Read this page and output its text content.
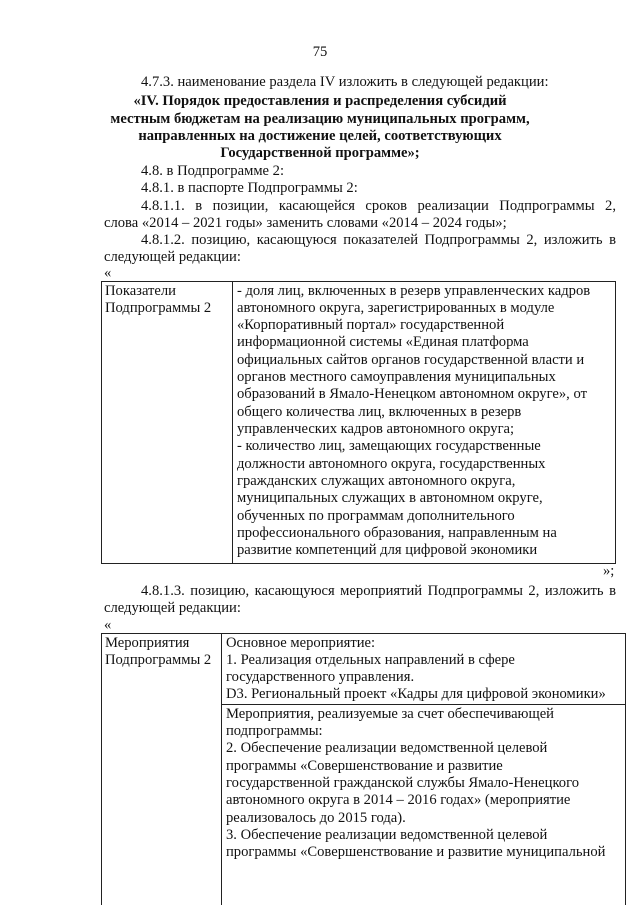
75
4.7.3. наименование раздела IV изложить в следующей редакции:
«IV. Порядок предоставления и распределения субсидий
местным бюджетам на реализацию муниципальных программ,
направленных на достижение целей, соответствующих
Государственной программе»;
4.8. в Подпрограмме 2:
4.8.1. в паспорте Подпрограммы 2:
4.8.1.1. в позиции, касающейся сроков реализации Подпрограммы 2,
слова «2014 – 2021 годы» заменить словами «2014 – 2024 годы»;
4.8.1.2. позицию, касающуюся показателей Подпрограммы 2, изложить в
следующей редакции:
«
Показатели
Подпрограммы 2
- доля лиц, включенных в резерв управленческих кадров
автономного округа, зарегистрированных в модуле
«Корпоративный портал» государственной
информационной системы «Единая платформа
официальных сайтов органов государственной власти и
органов местного самоуправления муниципальных
образований в Ямало-Ненецком автономном округе», от
общего количества лиц, включенных в резерв
управленческих кадров автономного округа;
- количество лиц, замещающих государственные
должности автономного округа, государственных
гражданских служащих автономного округа,
муниципальных служащих в автономном округе,
обученных по программам дополнительного
профессионального образования, направленным на
развитие компетенций для цифровой экономики
»;
4.8.1.3. позицию, касающуюся мероприятий Подпрограммы 2, изложить в
следующей редакции:
«
Мероприятия
Подпрограммы 2
Основное мероприятие:
1. Реализация отдельных направлений в сфере
государственного управления.
D3. Региональный проект «Кадры для цифровой экономики»
Мероприятия, реализуемые за счет обеспечивающей
подпрограммы:
2. Обеспечение реализации ведомственной целевой
программы «Совершенствование и развитие
государственной гражданской службы Ямало-Ненецкого
автономного округа в 2014 – 2016 годах» (мероприятие
реализовалось до 2015 года).
3. Обеспечение реализации ведомственной целевой
программы «Совершенствование и развитие муниципальной
